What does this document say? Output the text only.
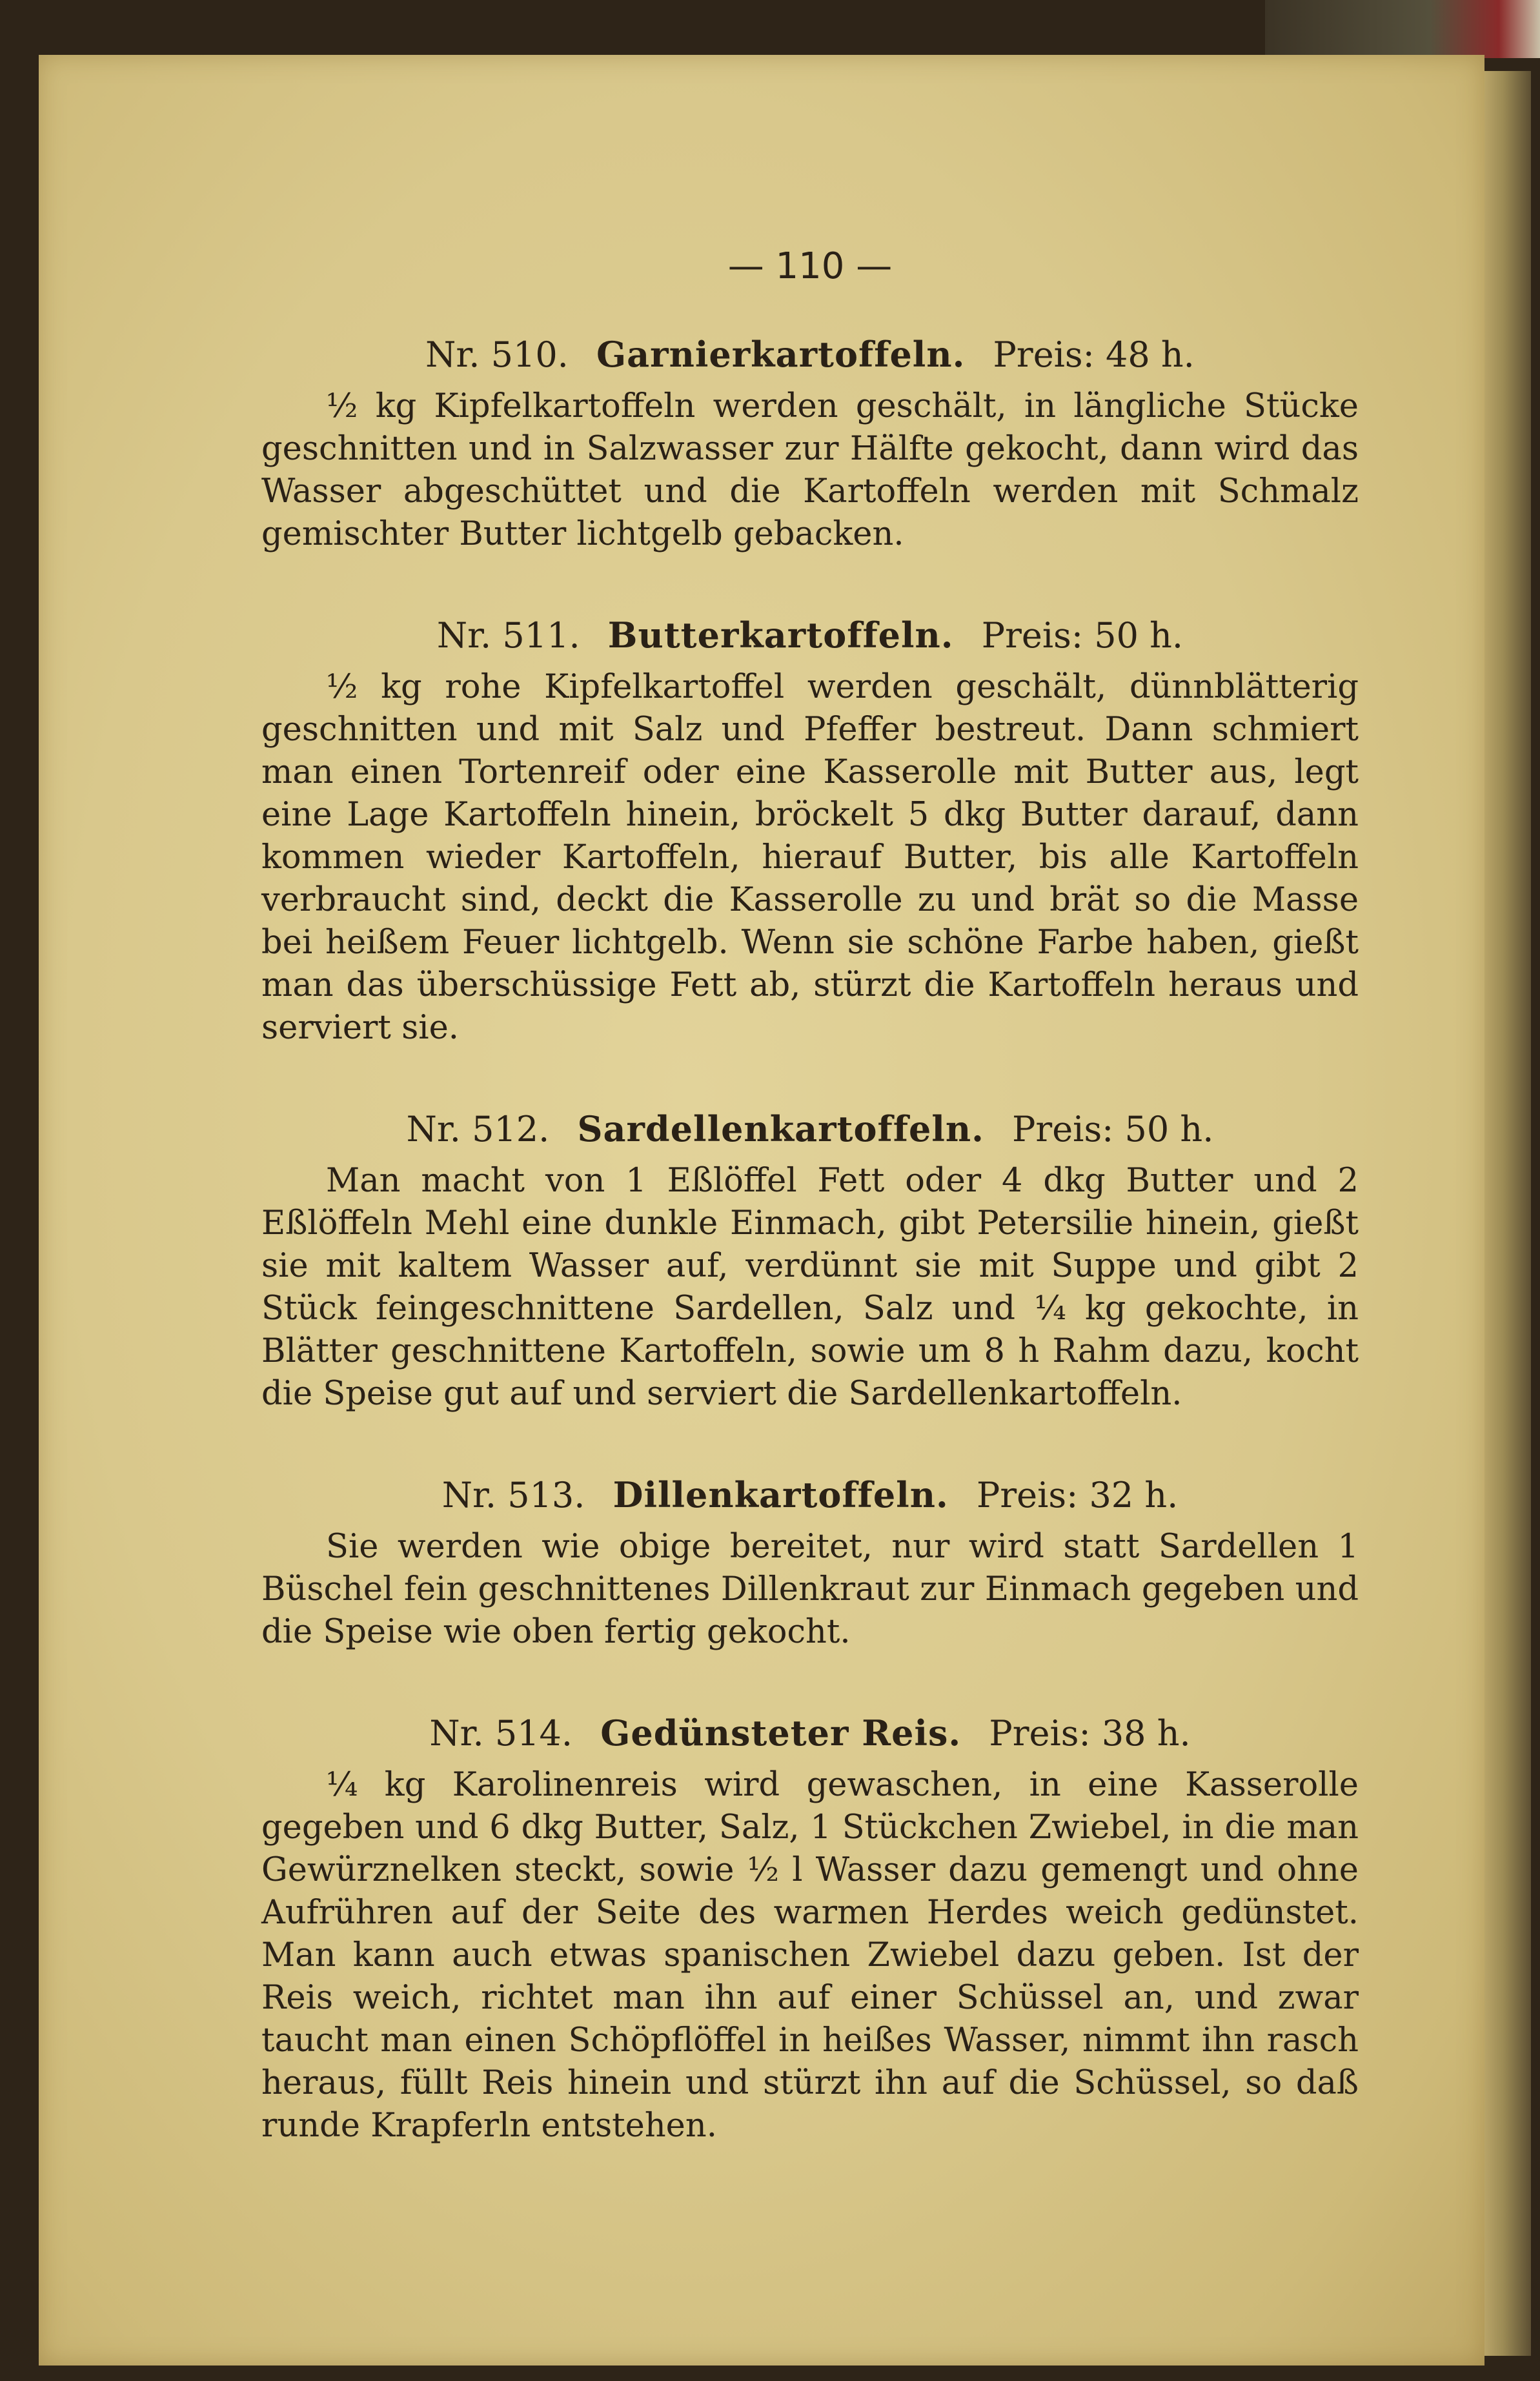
— 110 —
Nr. 510. Garnierkartoffeln. Preis: 48 h.

½ kg Kipfelkartoffeln werden geschält, in längliche Stücke geschnitten und in Salzwasser zur Hälfte gekocht, dann wird das Wasser abgeschüttet und die Kartoffeln werden mit Schmalz gemischter Butter lichtgelb gebacken.

Nr. 511. Butterkartoffeln. Preis: 50 h.

½ kg rohe Kipfelkartoffel werden geschält, dünnblätterig geschnitten und mit Salz und Pfeffer bestreut. Dann schmiert man einen Tortenreif oder eine Kasserolle mit Butter aus, legt eine Lage Kartoffeln hinein, bröckelt 5 dkg Butter darauf, dann kommen wieder Kartoffeln, hierauf Butter, bis alle Kartoffeln verbraucht sind, deckt die Kasserolle zu und brät so die Masse bei heißem Feuer lichtgelb. Wenn sie schöne Farbe haben, gießt man das überschüssige Fett ab, stürzt die Kartoffeln heraus und serviert sie.

Nr. 512. Sardellenkartoffeln. Preis: 50 h.

Man macht von 1 Eßlöffel Fett oder 4 dkg Butter und 2 Eßlöffeln Mehl eine dunkle Einmach, gibt Petersilie hinein, gießt sie mit kaltem Wasser auf, verdünnt sie mit Suppe und gibt 2 Stück feingeschnittene Sardellen, Salz und ¼ kg gekochte, in Blätter geschnittene Kartoffeln, sowie um 8 h Rahm dazu, kocht die Speise gut auf und serviert die Sardellenkartoffeln.

Nr. 513. Dillenkartoffeln. Preis: 32 h.

Sie werden wie obige bereitet, nur wird statt Sardellen 1 Büschel fein geschnittenes Dillenkraut zur Einmach gegeben und die Speise wie oben fertig gekocht.

Nr. 514. Gedünsteter Reis. Preis: 38 h.

¼ kg Karolinenreis wird gewaschen, in eine Kasserolle gegeben und 6 dkg Butter, Salz, 1 Stückchen Zwiebel, in die man Gewürznelken steckt, sowie ½ l Wasser dazu gemengt und ohne Aufrühren auf der Seite des warmen Herdes weich gedünstet. Man kann auch etwas spanischen Zwiebel dazu geben. Ist der Reis weich, richtet man ihn auf einer Schüssel an, und zwar taucht man einen Schöpflöffel in heißes Wasser, nimmt ihn rasch heraus, füllt Reis hinein und stürzt ihn auf die Schüssel, so daß runde Krapferln entstehen.
